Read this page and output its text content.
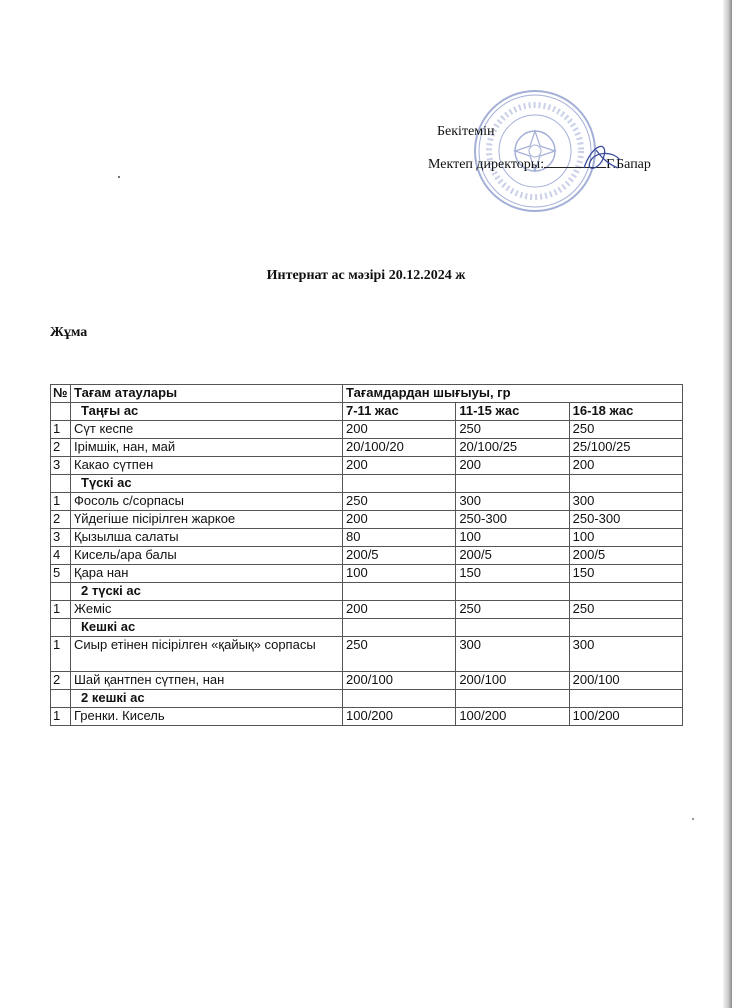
Бекітемін
Мектеп директоры:	Г.Бапар
Интернат ас мәзірі 20.12.2024 ж
Жұма
№	Тағам атаулары	Тағамдардан шығыуы, гр		
	Таңғы ас	7-11 жас	11-15 жас	16-18 жас
1	Сүт кеспе	200	250	250
2	Ірімшік, нан, май	20/100/20	20/100/25	25/100/25
3	Какао сүтпен	200	200	200
	Түскі ас			
1	Фосоль с/сорпасы	250	300	300
2	Үйдегіше пісірілген жаркое	200	250-300	250-300
3	Қызылша салаты	80	100	100
4	Кисель/ара балы	200/5	200/5	200/5
5	Қара нан	100	150	150
	2 түскі ас			
1	Жеміс	200	250	250
	Кешкі ас			
1	Сиыр етінен пісірілген «қайық» сорпасы	250	300	300
2	Шай қантпен сүтпен, нан	200/100	200/100	200/100
	2 кешкі ас			
1	Гренки. Кисель	100/200	100/200	100/200
